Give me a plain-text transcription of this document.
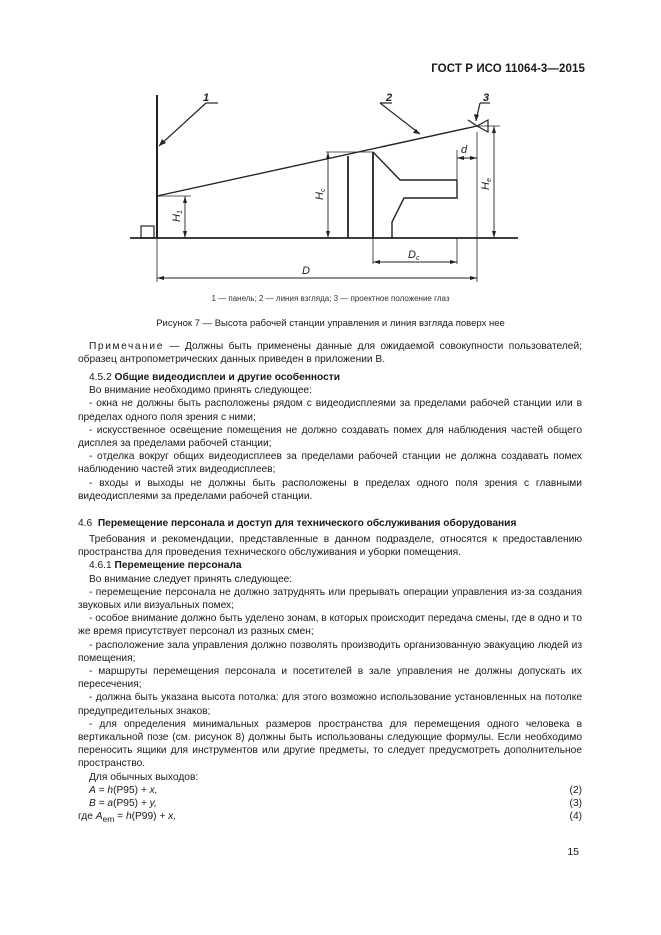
ГОСТ Р ИСО 11064-3—2015
1	2	3
H1
Hc
He
d
Dc
D
1 — панель; 2 — линия взгляда; 3 — проектное положение глаз
Рисунок 7 — Высота рабочей станции управления и линия взгляда поверх нее

Примечание — Должны быть применены данные для ожидаемой совокупности пользователей; образец антропометрических данных приведен в приложении В.

4.5.2 Общие видеодисплеи и другие особенности

Во внимание необходимо принять следующее:

- окна не должны быть расположены рядом с видеодисплеями за пределами рабочей станции или в пределах одного поля зрения с ними;

- искусственное освещение помещения не должно создавать помех для наблюдения частей общего дисплея за пределами рабочей станции;

- отделка вокруг общих видеодисплеев за пределами рабочей станции не должна создавать помех наблюдению частей этих видеодисплеев;

- входы и выходы не должны быть расположены в пределах одного поля зрения с главными видеодисплеями за пределами рабочей станции.

4.6 Перемещение персонала и доступ для технического обслуживания оборудования

Требования и рекомендации, представленные в данном подразделе, относятся к предоставлению пространства для проведения технического обслуживания и уборки помещения.

4.6.1 Перемещение персонала

Во внимание следует принять следующее:

- перемещение персонала не должно затруднять или прерывать операции управления из-за создания звуковых или визуальных помех;

- особое внимание должно быть уделено зонам, в которых происходит передача смены, где в одно и то же время присутствует персонал из разных смен;

- расположение зала управления должно позволять производить организованную эвакуацию людей из помещения;

- маршруты перемещения персонала и посетителей в зале управления не должны допускать их пересечения;

- должна быть указана высота потолка: для этого возможно использование установленных на потолке предупредительных знаков;

- для определения минимальных размеров пространства для перемещения одного человека в вертикальной позе (см. рисунок 8) должны быть использованы следующие формулы. Если необходимо переносить ящики для инструментов или другие предметы, то следует предусмотреть дополнительное пространство.

Для обычных выходов:

A = h(P95) + x,	(2)
B = a(P95) + y,	(3)
где $A_{em} = h(P99) + x$,	(4)
15
